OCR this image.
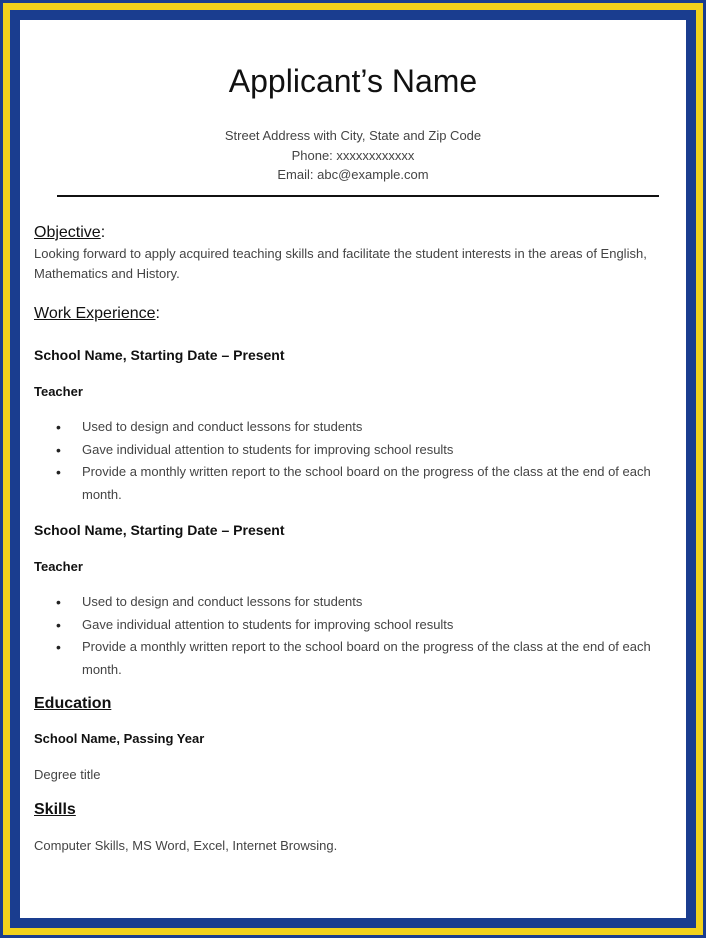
Applicant’s Name
Street Address with City, State and Zip Code
Phone: xxxxxxxxxxxx
Email: abc@example.com
Objective:

Looking forward to apply acquired teaching skills and facilitate the student interests in the areas of English, Mathematics and History.

Work Experience:

School Name, Starting Date – Present

Teacher

• Used to design and conduct lessons for students
• Gave individual attention to students for improving school results
• Provide a monthly written report to the school board on the progress of the class at the end of each month.

School Name, Starting Date – Present

Teacher

• Used to design and conduct lessons for students
• Gave individual attention to students for improving school results
• Provide a monthly written report to the school board on the progress of the class at the end of each month.
Education

School Name, Passing Year

Degree title

Skills

Computer Skills, MS Word, Excel, Internet Browsing.
